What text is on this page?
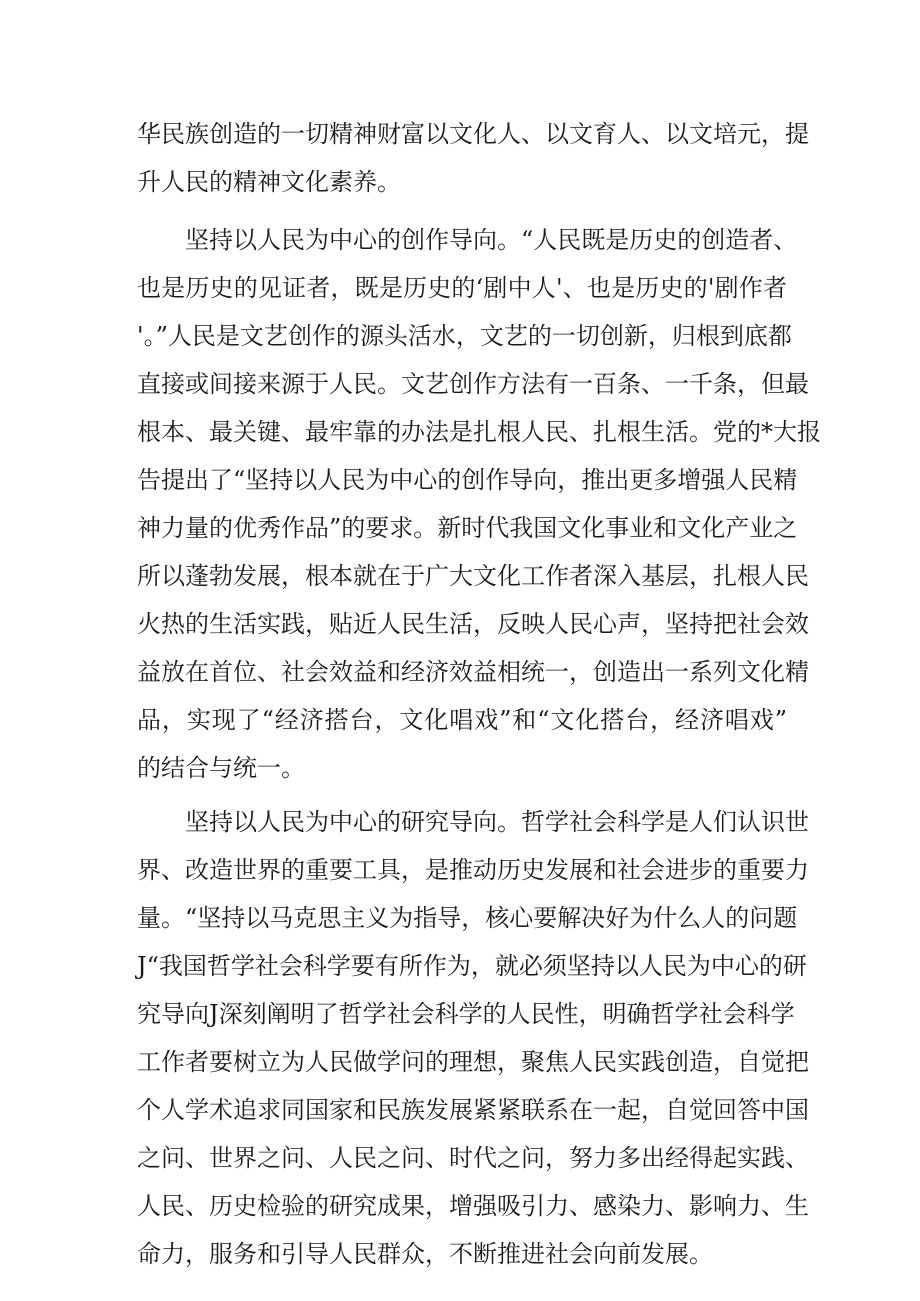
华民族创造的一切精神财富以文化人、以文育人、以文培元，提
升人民的精神文化素养。
坚持以人民为中心的创作导向。“人民既是历史的创造者、
也是历史的见证者，既是历史的‘剧中人'、也是历史的'剧作者
'。”人民是文艺创作的源头活水，文艺的一切创新，归根到底都
直接或间接来源于人民。文艺创作方法有一百条、一千条，但最
根本、最关键、最牢靠的办法是扎根人民、扎根生活。党的*大报
告提出了“坚持以人民为中心的创作导向，推出更多增强人民精
神力量的优秀作品”的要求。新时代我国文化事业和文化产业之
所以蓬勃发展，根本就在于广大文化工作者深入基层，扎根人民
火热的生活实践，贴近人民生活，反映人民心声，坚持把社会效
益放在首位、社会效益和经济效益相统一，创造出一系列文化精
品，实现了“经济搭台，文化唱戏”和“文化搭台，经济唱戏”
的结合与统一。
坚持以人民为中心的研究导向。哲学社会科学是人们认识世
界、改造世界的重要工具，是推动历史发展和社会进步的重要力
量。“坚持以马克思主义为指导，核心要解决好为什么人的问题
J“我国哲学社会科学要有所作为，就必须坚持以人民为中心的研
究导向J深刻阐明了哲学社会科学的人民性，明确哲学社会科学
工作者要树立为人民做学问的理想，聚焦人民实践创造，自觉把
个人学术追求同国家和民族发展紧紧联系在一起，自觉回答中国
之问、世界之问、人民之问、时代之问，努力多出经得起实践、
人民、历史检验的研究成果，增强吸引力、感染力、影响力、生
命力，服务和引导人民群众，不断推进社会向前发展。
